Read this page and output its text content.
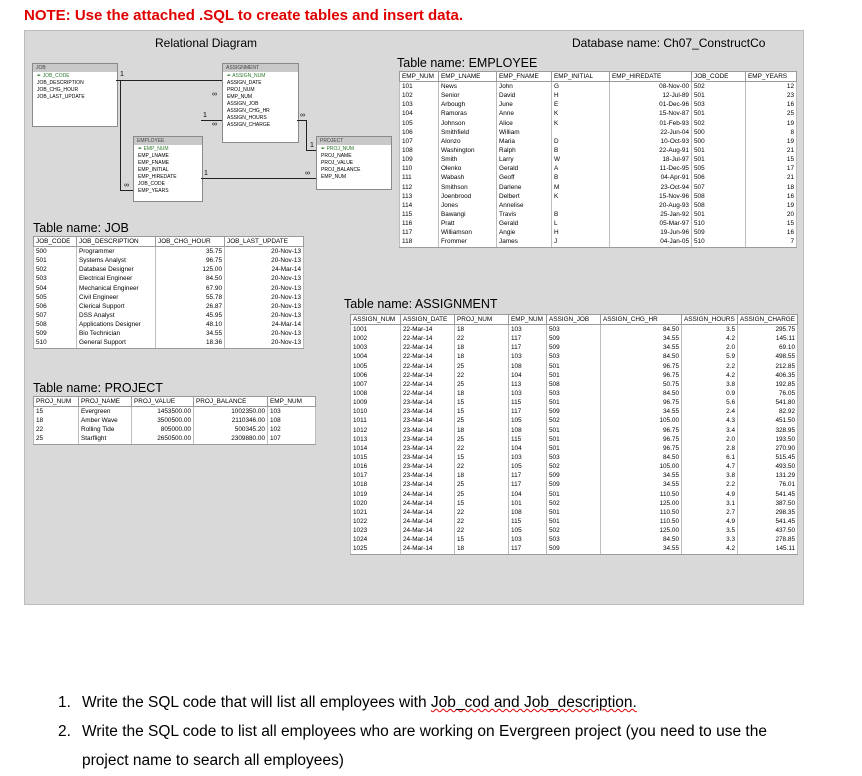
NOTE: Use the attached .SQL to create tables and insert data.
Relational Diagram	Database name: Ch07_ConstructCo
JOB
✒ JOB_CODE
JOB_DESCRIPTION
JOB_CHG_HOUR
JOB_LAST_UPDATE
ASSIGNMENT
✒ ASSIGN_NUM
ASSIGN_DATE
PROJ_NUM
EMP_NUM
ASSIGN_JOB
ASSIGN_CHG_HR
ASSIGN_HOURS
ASSIGN_CHARGE
EMPLOYEE
✒ EMP_NUM
EMP_LNAME
EMP_FNAME
EMP_INITIAL
EMP_HIREDATE
JOB_CODE
EMP_YEARS
PROJECT
✒ PROJ_NUM
PROJ_NAME
PROJ_VALUE
PROJ_BALANCE
EMP_NUM
1
∞
∞
1
∞
∞
1
1	∞
Table name: EMPLOYEE
EMP_NUM	EMP_LNAME	EMP_FNAME	EMP_INITIAL	EMP_HIREDATE	JOB_CODE	EMP_YEARS
101	News	John	G	08-Nov-00	502	12
102	Senior	David	H	12-Jul-89	501	23
103	Arbough	June	E	01-Dec-96	503	16
104	Ramoras	Anne	K	15-Nov-87	501	25
105	Johnson	Alice	K	01-Feb-93	502	19
106	Smithfield	William		22-Jun-04	500	8
107	Alonzo	Maria	D	10-Oct-93	500	19
108	Washington	Ralph	B	22-Aug-91	501	21
109	Smith	Larry	W	18-Jul-97	501	15
110	Olenko	Gerald	A	11-Dec-95	505	17
111	Wabash	Geoff	B	04-Apr-91	506	21
112	Smithson	Darlene	M	23-Oct-94	507	18
113	Joenbrood	Delbert	K	15-Nov-96	508	16
114	Jones	Annelise		20-Aug-93	508	19
115	Bawangi	Travis	B	25-Jan-92	501	20
116	Pratt	Gerald	L	05-Mar-97	510	15
117	Williamson	Angie	H	19-Jun-96	509	16
118	Frommer	James	J	04-Jan-05	510	7
Table name: JOB
JOB_CODE	JOB_DESCRIPTION	JOB_CHG_HOUR	JOB_LAST_UPDATE
500	Programmer	35.75	20-Nov-13
501	Systems Analyst	96.75	20-Nov-13
502	Database Designer	125.00	24-Mar-14
503	Electrical Engineer	84.50	20-Nov-13
504	Mechanical Engineer	67.90	20-Nov-13
505	Civil Engineer	55.78	20-Nov-13
506	Clerical Support	26.87	20-Nov-13
507	DSS Analyst	45.95	20-Nov-13
508	Applications Designer	48.10	24-Mar-14
509	Bio Technician	34.55	20-Nov-13
510	General Support	18.36	20-Nov-13
Table name: PROJECT
PROJ_NUM	PROJ_NAME	PROJ_VALUE	PROJ_BALANCE	EMP_NUM
15	Evergreen	1453500.00	1002350.00	103
18	Amber Wave	3500500.00	2110346.00	108
22	Rolling Tide	805000.00	500345.20	102
25	Starflight	2650500.00	2309880.00	107
Table name: ASSIGNMENT
ASSIGN_NUM	ASSIGN_DATE	PROJ_NUM	EMP_NUM	ASSIGN_JOB	ASSIGN_CHG_HR	ASSIGN_HOURS	ASSIGN_CHARGE
1001	22-Mar-14	18	103	503	84.50	3.5	295.75
1002	22-Mar-14	22	117	509	34.55	4.2	145.11
1003	22-Mar-14	18	117	509	34.55	2.0	69.10
1004	22-Mar-14	18	103	503	84.50	5.9	498.55
1005	22-Mar-14	25	108	501	96.75	2.2	212.85
1006	22-Mar-14	22	104	501	96.75	4.2	406.35
1007	22-Mar-14	25	113	508	50.75	3.8	192.85
1008	22-Mar-14	18	103	503	84.50	0.9	76.05
1009	23-Mar-14	15	115	501	96.75	5.6	541.80
1010	23-Mar-14	15	117	509	34.55	2.4	82.92
1011	23-Mar-14	25	105	502	105.00	4.3	451.50
1012	23-Mar-14	18	108	501	96.75	3.4	328.95
1013	23-Mar-14	25	115	501	96.75	2.0	193.50
1014	23-Mar-14	22	104	501	96.75	2.8	270.90
1015	23-Mar-14	15	103	503	84.50	6.1	515.45
1016	23-Mar-14	22	105	502	105.00	4.7	493.50
1017	23-Mar-14	18	117	509	34.55	3.8	131.29
1018	23-Mar-14	25	117	509	34.55	2.2	76.01
1019	24-Mar-14	25	104	501	110.50	4.9	541.45
1020	24-Mar-14	15	101	502	125.00	3.1	387.50
1021	24-Mar-14	22	108	501	110.50	2.7	298.35
1022	24-Mar-14	22	115	501	110.50	4.9	541.45
1023	24-Mar-14	22	105	502	125.00	3.5	437.50
1024	24-Mar-14	15	103	503	84.50	3.3	278.85
1025	24-Mar-14	18	117	509	34.55	4.2	145.11
1. Write the SQL code that will list all employees with Job_cod and Job_description.
2. Write the SQL code to list all employees who are working on Evergreen project (you need to use the project name to search all employees)
